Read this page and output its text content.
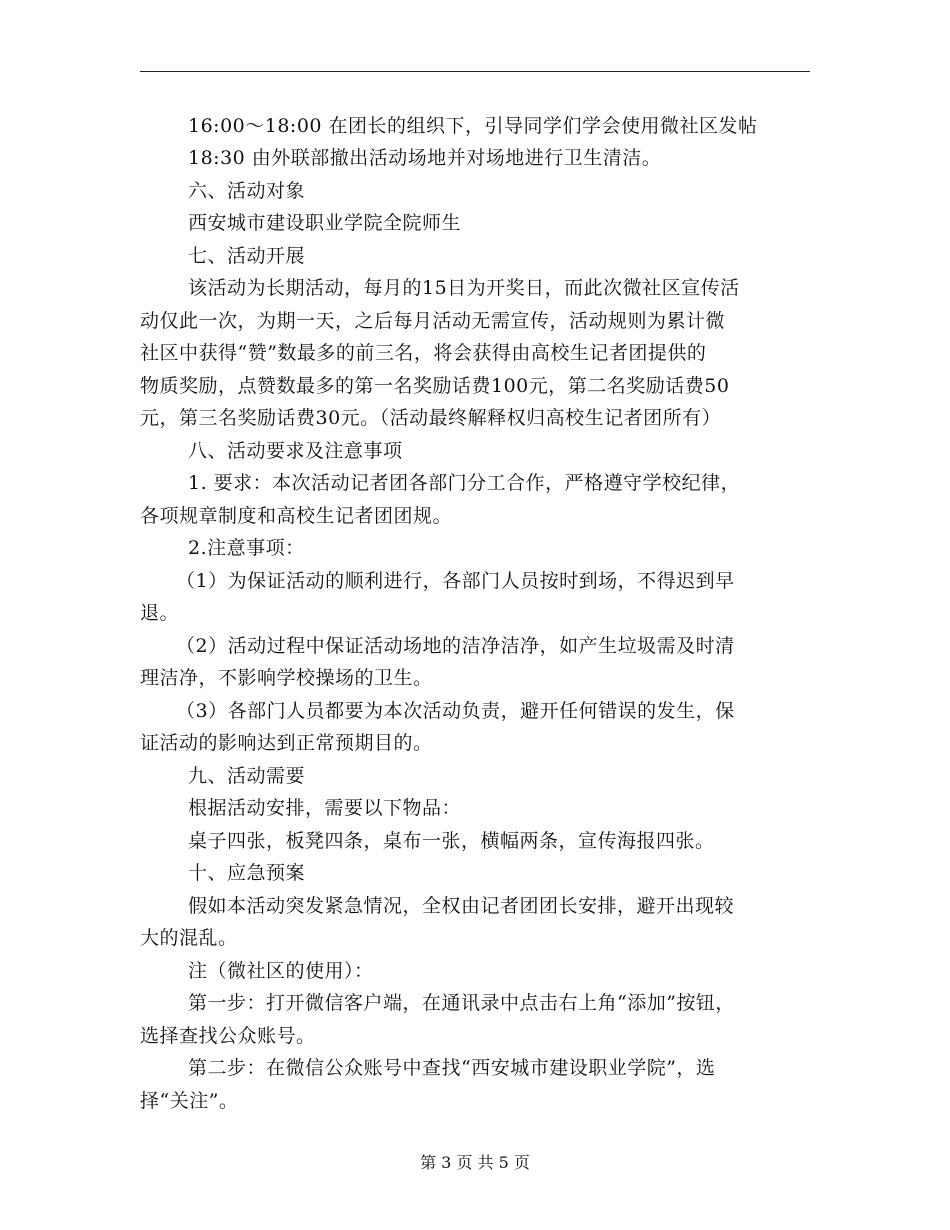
16:00～18:00 在团长的组织下，引导同学们学会使用微社区发帖
18:30 由外联部撤出活动场地并对场地进行卫生清洁。
六、活动对象
西安城市建设职业学院全院师生
七、活动开展
该活动为长期活动，每月的15日为开奖日，而此次微社区宣传活
动仅此一次，为期一天，之后每月活动无需宣传，活动规则为累计微
社区中获得“赞”数最多的前三名，将会获得由高校生记者团提供的
物质奖励，点赞数最多的第一名奖励话费100元，第二名奖励话费50
元，第三名奖励话费30元。（活动最终解释权归高校生记者团所有）
八、活动要求及注意事项
1. 要求：本次活动记者团各部门分工合作，严格遵守学校纪律，
各项规章制度和高校生记者团团规。
2.注意事项：
（1）为保证活动的顺利进行，各部门人员按时到场，不得迟到早
退。
（2）活动过程中保证活动场地的洁净洁净，如产生垃圾需及时清
理洁净，不影响学校操场的卫生。
（3）各部门人员都要为本次活动负责，避开任何错误的发生，保
证活动的影响达到正常预期目的。
九、活动需要
根据活动安排，需要以下物品：
桌子四张，板凳四条，桌布一张，横幅两条，宣传海报四张。
十、应急预案
假如本活动突发紧急情况，全权由记者团团长安排，避开出现较
大的混乱。
注（微社区的使用）：
第一步：打开微信客户端，在通讯录中点击右上角“添加”按钮，
选择查找公众账号。
第二步：在微信公众账号中查找“西安城市建设职业学院”，选
择“关注”。
第 3 页 共 5 页
